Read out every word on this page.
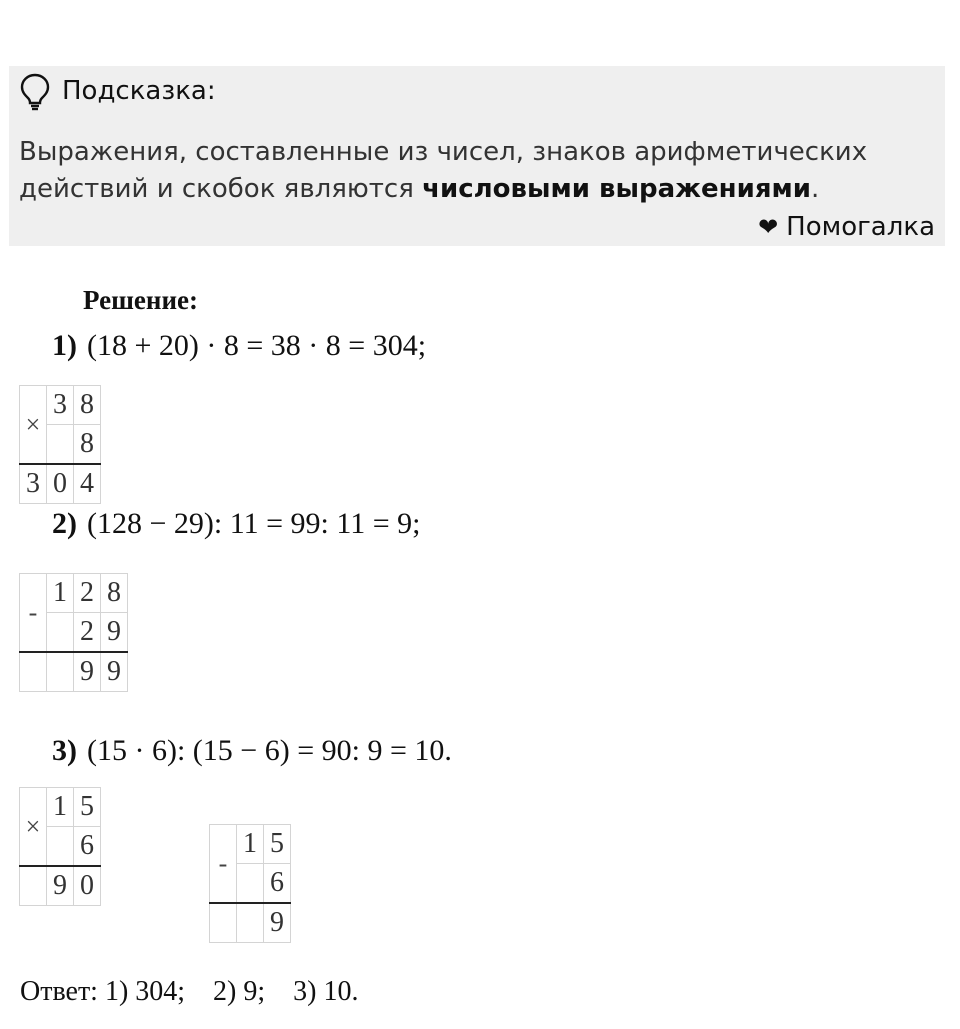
Подсказка:
Выражения, составленные из чисел, знаков арифметических действий и скобок являются числовыми выражениями.
❤ Помогалка
Решение:
1) (18 + 20) · 8 = 38 · 8 = 304;
×	3	8
		8
3	0	4
2) (128 − 29): 11 = 99: 11 = 9;
-	1	2	8
		2	9
		9	9
3) (15 · 6): (15 − 6) = 90: 9 = 10.
×	1	5
		6
	9	0
-	1	5
		6
		9
Ответ: 1) 304;    2) 9;    3) 10.
